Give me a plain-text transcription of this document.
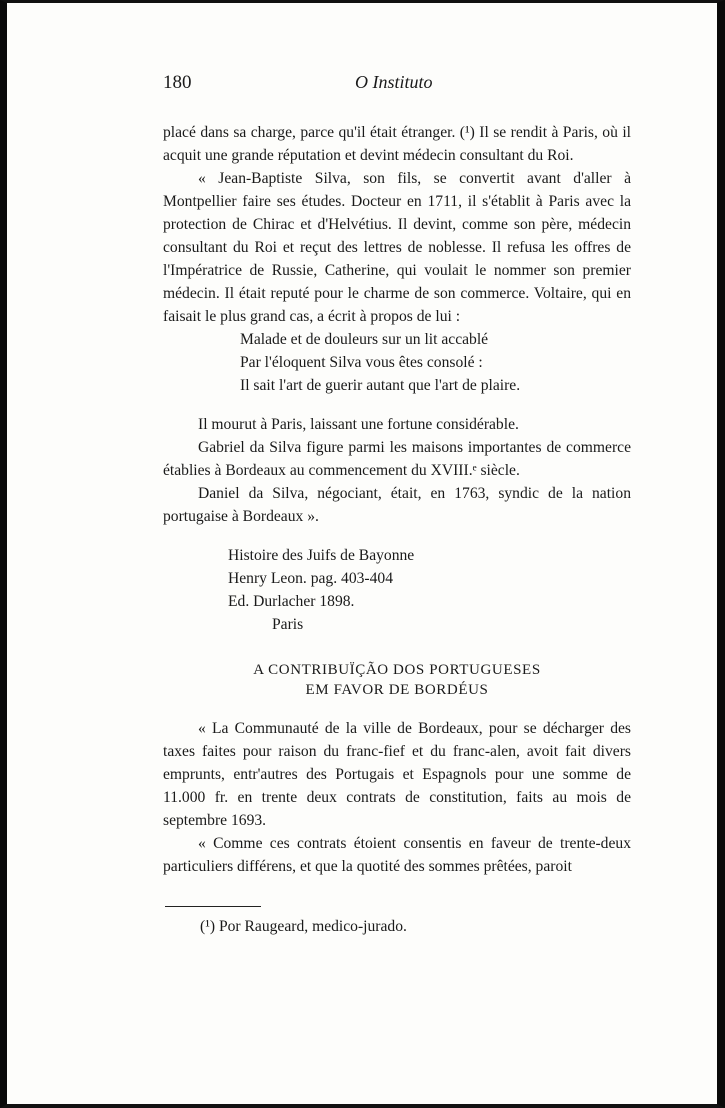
180	O Instituto

placé dans sa charge, parce qu'il était étranger. (¹) Il se rendit à Paris, où il acquit une grande réputation et devint médecin consultant du Roi.

« Jean-Baptiste Silva, son fils, se convertit avant d'aller à Montpellier faire ses études. Docteur en 1711, il s'établit à Paris avec la protection de Chirac et d'Helvétius. Il devint, comme son père, médecin consultant du Roi et reçut des lettres de noblesse. Il refusa les offres de l'Impératrice de Russie, Catherine, qui voulait le nommer son premier médecin. Il était reputé pour le charme de son commerce. Voltaire, qui en faisait le plus grand cas, a écrit à propos de lui :

Malade et de douleurs sur un lit accablé
Par l'éloquent Silva vous êtes consolé :
Il sait l'art de guerir autant que l'art de plaire.

Il mourut à Paris, laissant une fortune considérable.

Gabriel da Silva figure parmi les maisons importantes de commerce établies à Bordeaux au commencement du XVIII.ᵉ siècle.

Daniel da Silva, négociant, était, en 1763, syndic de la nation portugaise à Bordeaux ».

Histoire des Juifs de Bayonne
Henry Leon. pag. 403-404
Ed. Durlacher 1898.
Paris
A CONTRIBUÏÇÃO DOS PORTUGUESES
EM FAVOR DE BORDÉUS

« La Communauté de la ville de Bordeaux, pour se décharger des taxes faites pour raison du franc-fief et du franc-alen, avoit fait divers emprunts, entr'autres des Portugais et Espagnols pour une somme de 11.000 fr. en trente deux contrats de constitution, faits au mois de septembre 1693.

« Comme ces contrats étoient consentis en faveur de trente-deux particuliers différens, et que la quotité des sommes prêtées, paroit

(¹) Por Raugeard, medico-jurado.
